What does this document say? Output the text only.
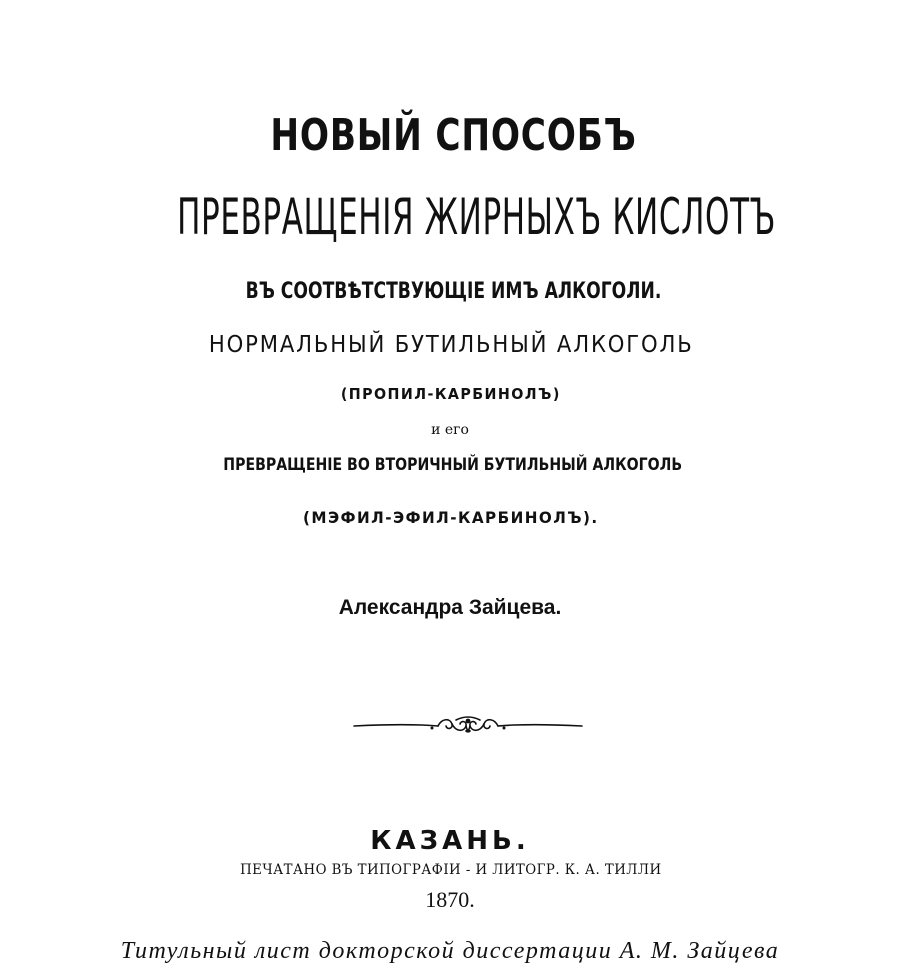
НОВЫЙ СПОСОБЪ
ПРЕВРАЩЕНІЯ ЖИРНЫХЪ КИСЛОТЪ
ВЪ СООТВѢТСТВУЮЩІЕ ИМЪ АЛКОГОЛИ.
НОРМАЛЬНЫЙ БУТИЛЬНЫЙ АЛКОГОЛЬ
(ПРОПИЛ-КАРБИНОЛЪ)
и его
ПРЕВРАЩЕНІЕ ВО ВТОРИЧНЫЙ БУТИЛЬНЫЙ АЛКОГОЛЬ
(МЭФИЛ-ЭФИЛ-КАРБИНОЛЪ).
Александра Зайцева.
КАЗАНЬ.
ПЕЧАТАНО ВЪ ТИПОГРАФІИ - И ЛИТОГР. К. А. ТИЛЛИ
1870.
Титульный лист докторской диссертации А. М. Зайцева
